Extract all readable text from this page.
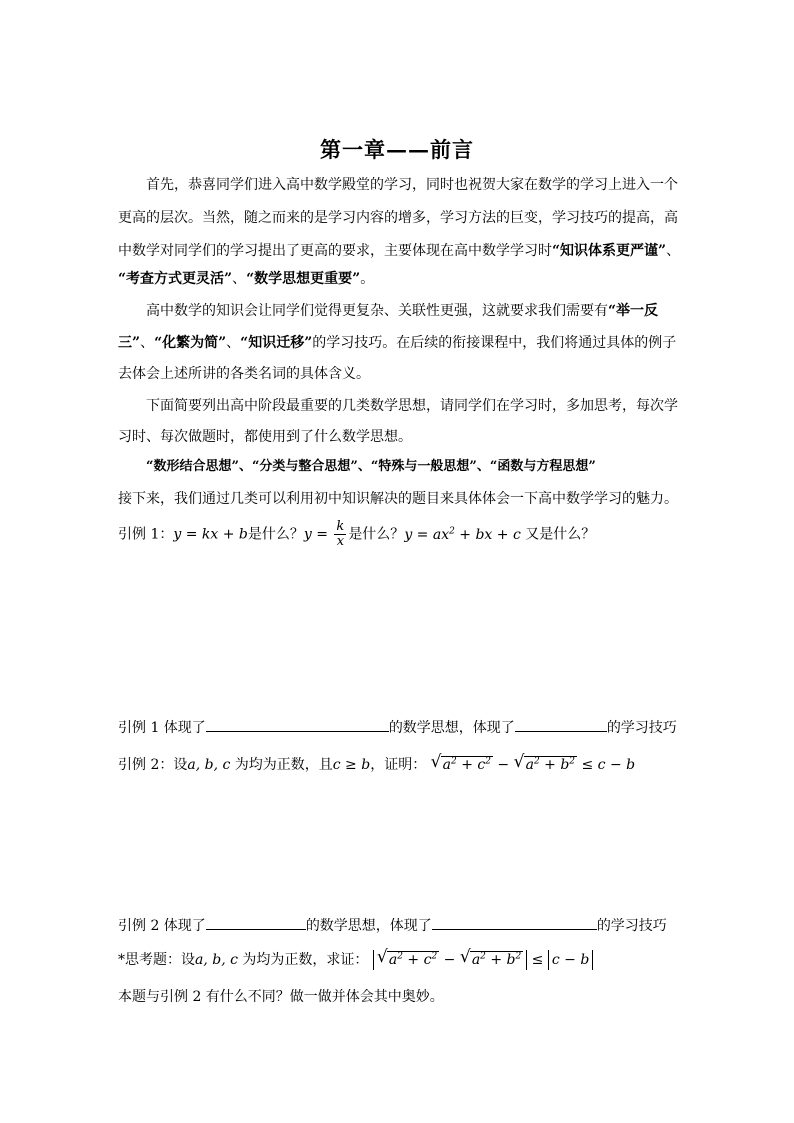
第一章——前言
首先，恭喜同学们进入高中数学殿堂的学习，同时也祝贺大家在数学的学习上进入一个
更高的层次。当然，随之而来的是学习内容的增多，学习方法的巨变，学习技巧的提高，高
中数学对同学们的学习提出了更高的要求，主要体现在高中数学学习时“知识体系更严谨”、
“考查方式更灵活”、“数学思想更重要”。
高中数学的知识会让同学们觉得更复杂、关联性更强，这就要求我们需要有“举一反
三”、“化繁为简”、“知识迁移”的学习技巧。在后续的衔接课程中，我们将通过具体的例子
去体会上述所讲的各类名词的具体含义。
下面简要列出高中阶段最重要的几类数学思想，请同学们在学习时，多加思考，每次学
习时、每次做题时，都使用到了什么数学思想。
“数形结合思想”、“分类与整合思想”、“特殊与一般思想”、“函数与方程思想”
接下来，我们通过几类可以利用初中知识解决的题目来具体体会一下高中数学学习的魅力。
引例 1：y = kx + b是什么？$y = \frac{k}{x}$ 是什么？$y = ax^2$ + bx + c 又是什么？
引例 1 体现了	的数学思想，体现了	的学习技巧
引例 2：设a, b, c 为均为正数，且c ≥ b，证明： √ $a^2 + c^2$ − √ $a^2 + b^2 \le c - b$
引例 2 体现了	的数学思想，体现了	的学习技巧
*思考题：设a, b, c 为均为正数，求证： √ $a^2 + c^2$ − √ $a^2 + b^2 \le c - b$
本题与引例 2 有什么不同？做一做并体会其中奥妙。
